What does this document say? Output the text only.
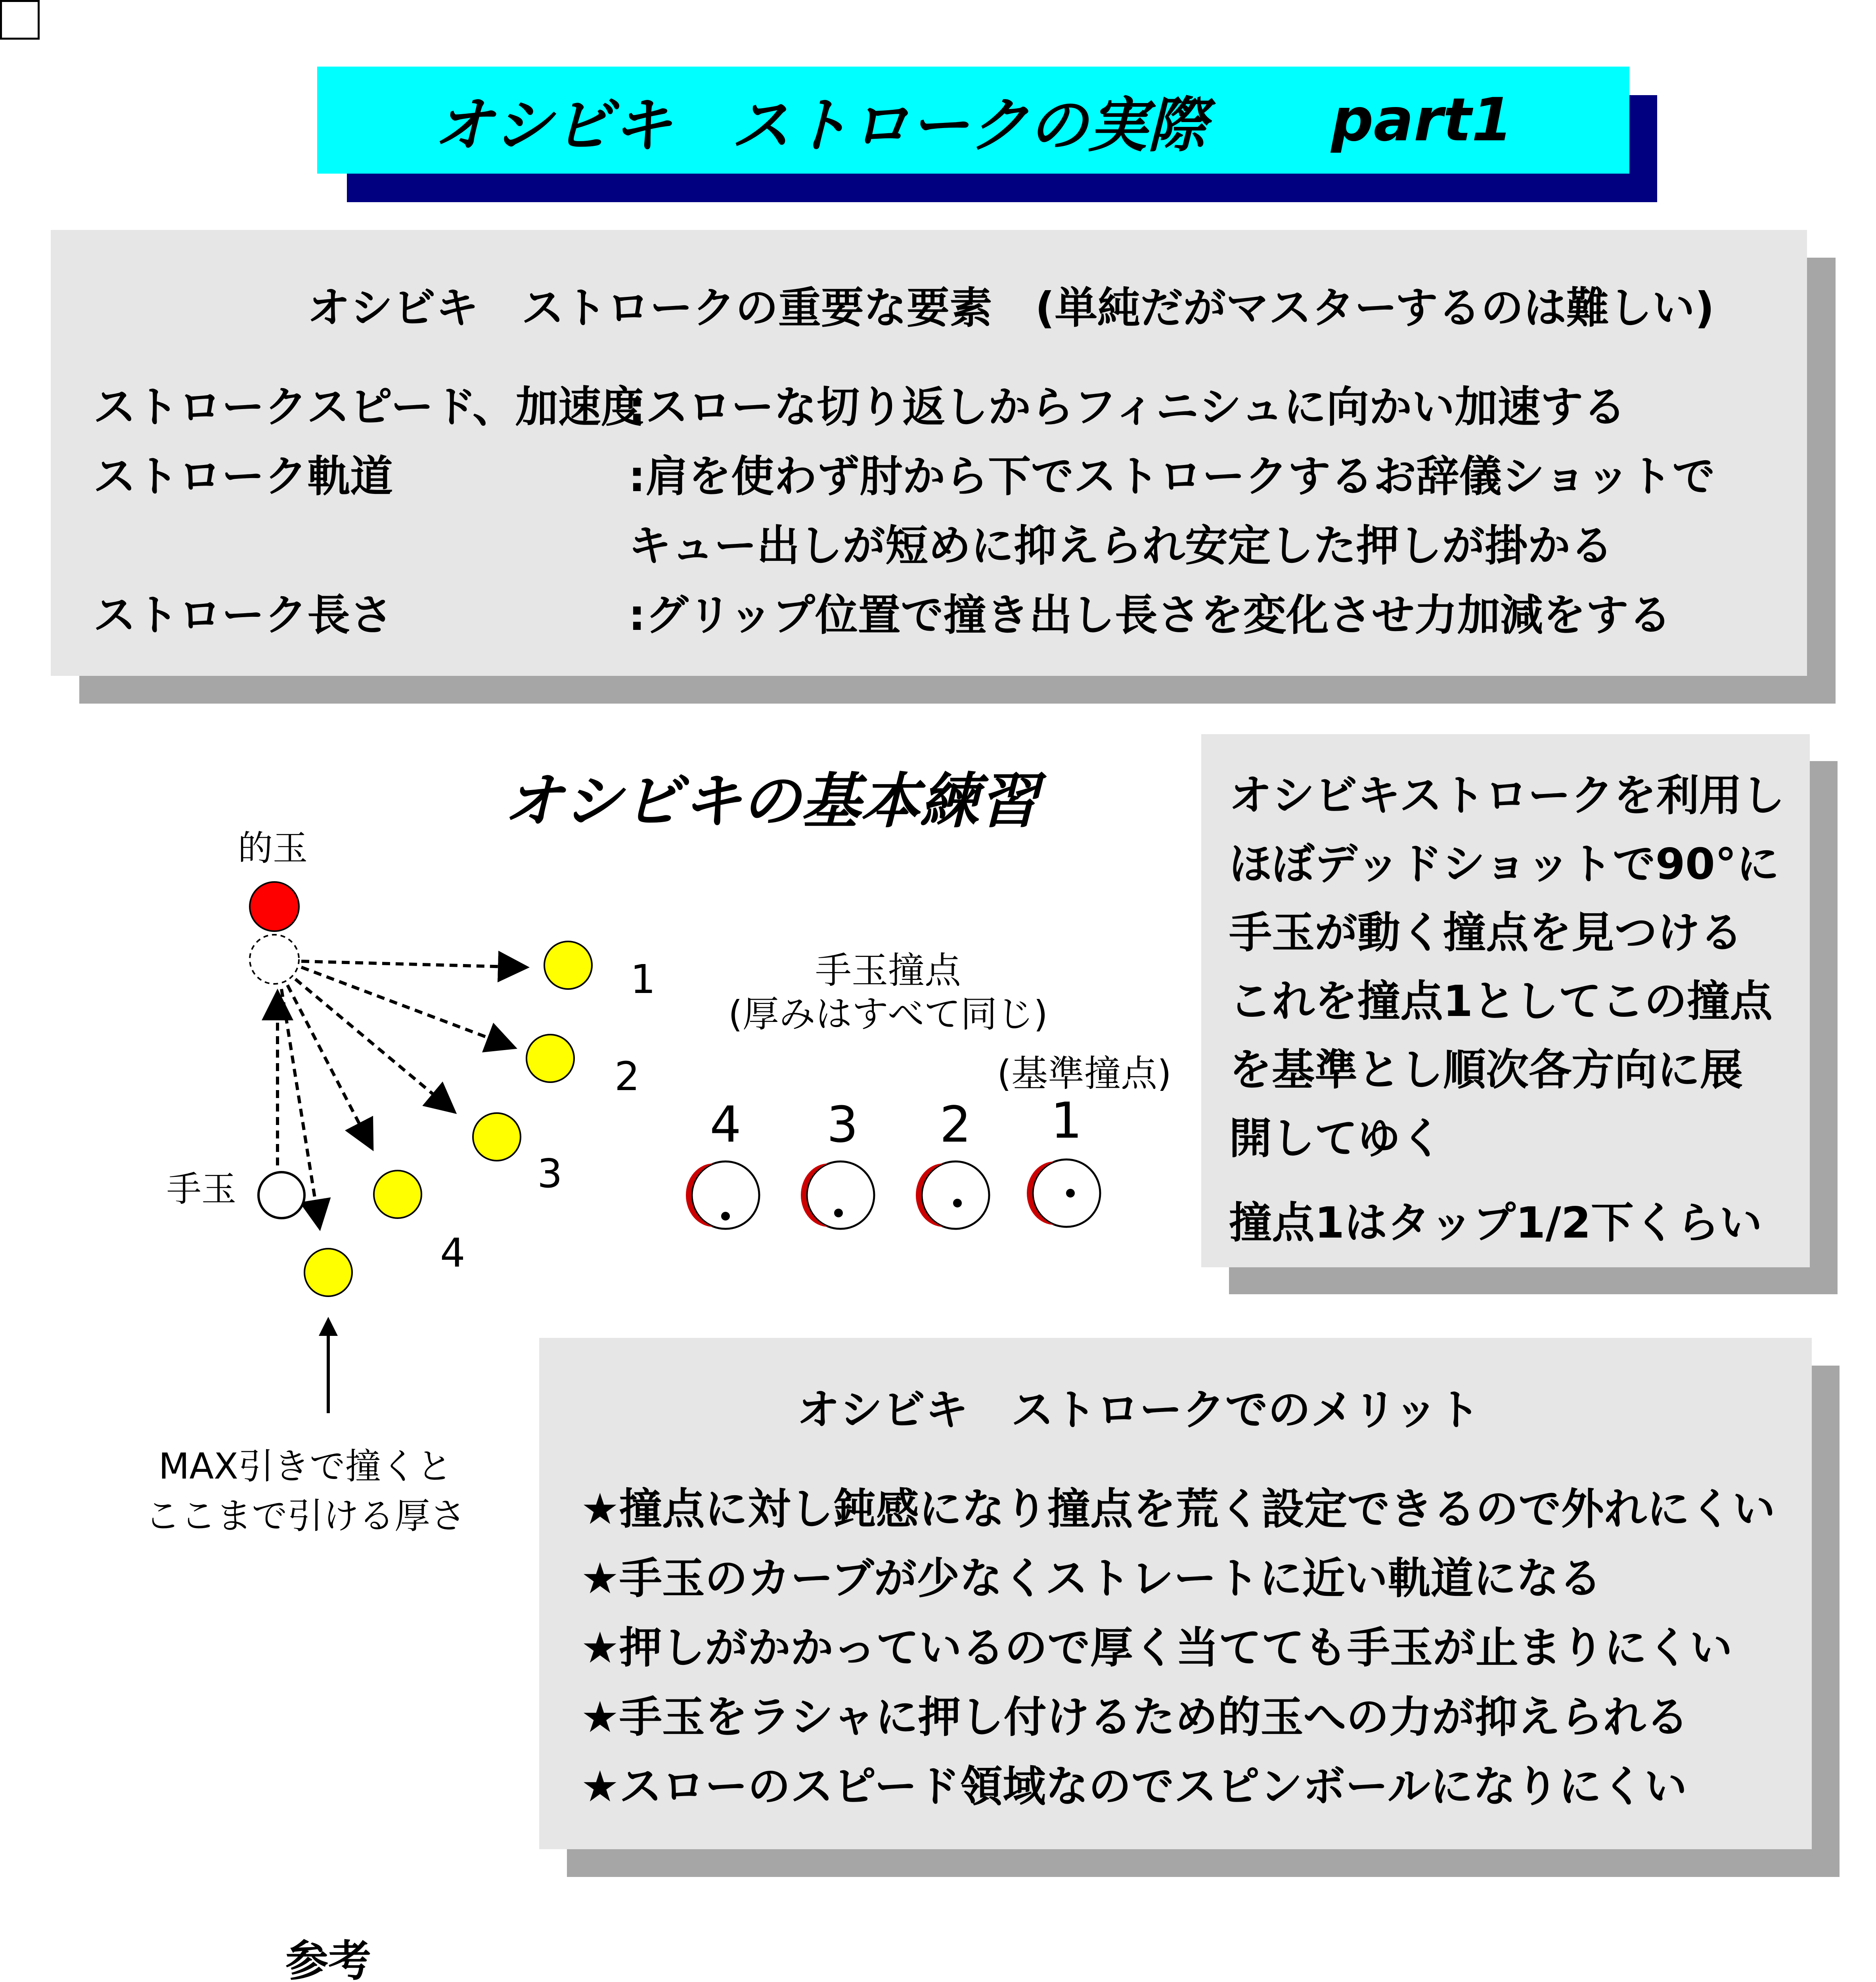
オシビキ　ストロークの実際
part1
オシビキ　ストロークの重要な要素　(単純だがマスターするのは難しい)
ストロークスピード、加速度
:スローな切り返しからフィニシュに向かい加速する
ストローク軌道	:肩を使わず肘から下でストロークするお辞儀ショットで
キュー出しが短めに抑えられ安定した押しが掛かる
ストローク長さ	:グリップ位置で撞き出し長さを変化させ力加減をする
オシビキの基本練習
的玉
1
2
3
4
手玉
MAX引きで撞くと
ここまで引ける厚さ
手玉撞点
(厚みはすべて同じ)
(基準撞点)
4 3 2 1
オシビキストロークを利用し
ほぼデッドショットで90°に
手玉が動く撞点を見つける
これを撞点1としてこの撞点
を基準とし順次各方向に展
開してゆく
撞点1はタップ1/2下くらい
オシビキ　ストロークでのメリット
★撞点に対し鈍感になり撞点を荒く設定できるので外れにくい
★手玉のカーブが少なくストレートに近い軌道になる
★押しがかかっているので厚く当てても手玉が止まりにくい
★手玉をラシャに押し付けるため的玉への力が抑えられる
★スローのスピード領域なのでスピンボールになりにくい
参考
